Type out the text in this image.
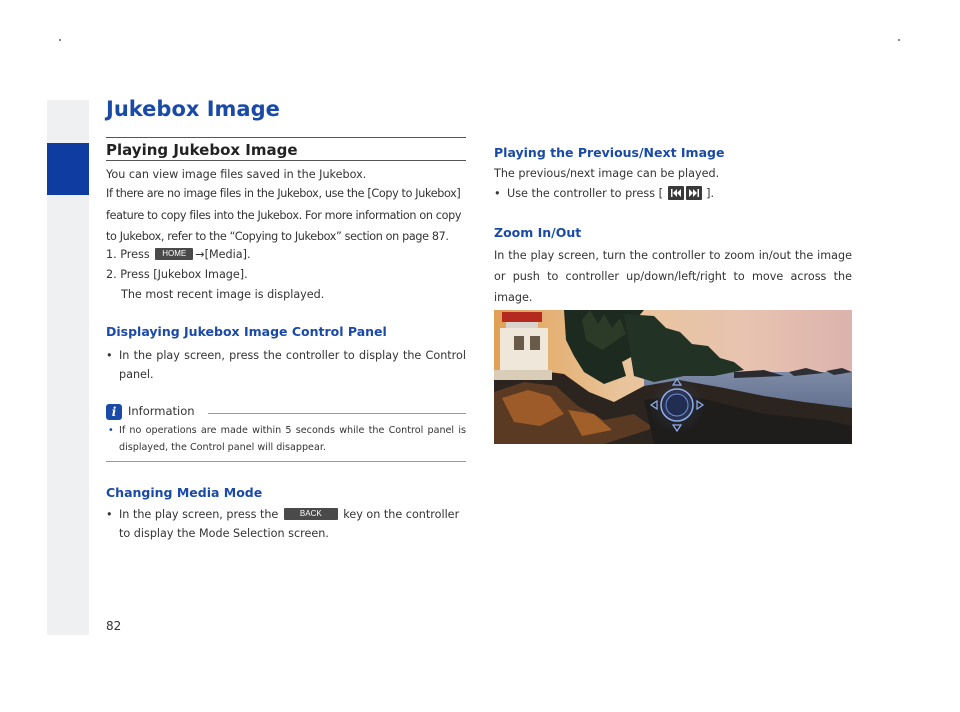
Jukebox Image
Playing Jukebox Image
You can view image files saved in the Jukebox.
If there are no image files in the Jukebox, use the [Copy to Jukebox]
feature to copy files into the Jukebox. For more information on copy
to Jukebox, refer to the “Copying to Jukebox” section on page 87.
1. Press HOME →[Media].
2. Press [Jukebox Image].
The most recent image is displayed.
Displaying Jukebox Image Control Panel
• In the play screen, press the controller to display the Control panel.
i	Information
• If no operations are made within 5 seconds while the Control panel is displayed, the Control panel will disappear.
Changing Media Mode
• In the play screen, press the	BACK key on the controller to display the Mode Selection screen.
Playing the Previous/Next Image
The previous/next image can be played.
• Use the controller to press [	].
Zoom In/Out
In the play screen, turn the controller to zoom in/out the image or push to controller up/down/left/right to move across the image.
82
